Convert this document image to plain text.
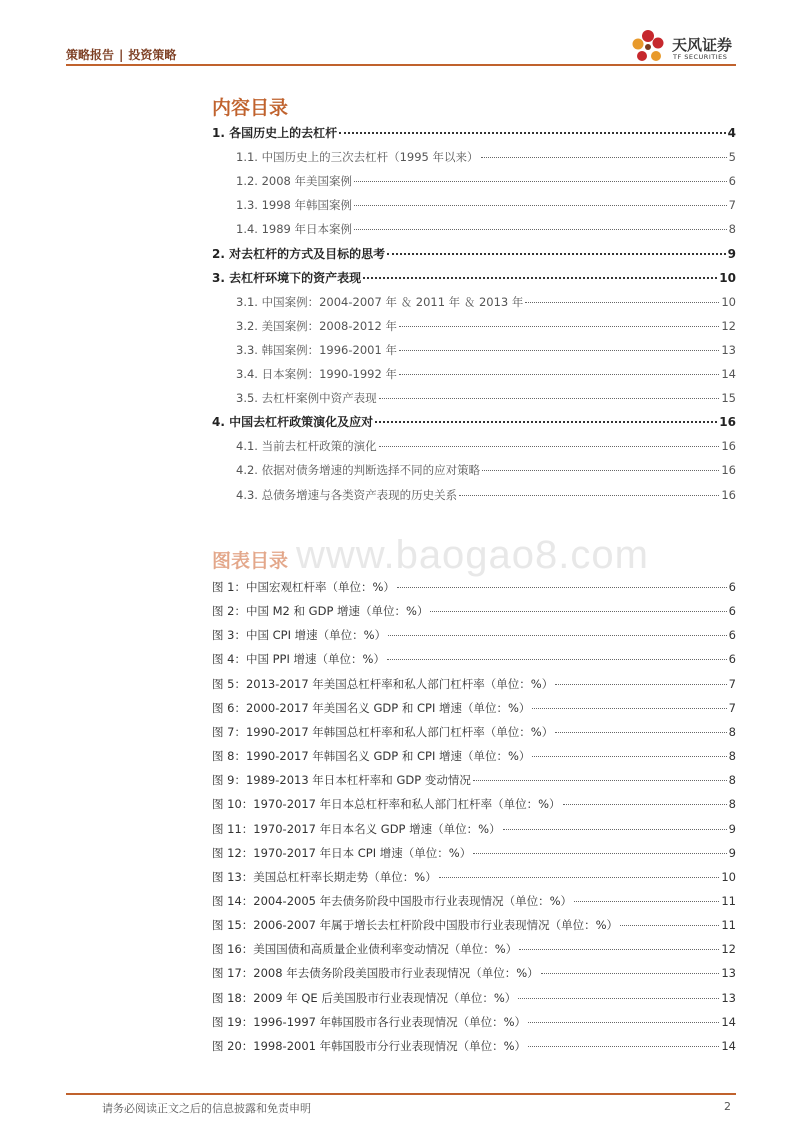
策略报告 | 投资策略
天风证券
TF SECURITIES
内容目录
1. 各国历史上的去杠杆	4
1.1. 中国历史上的三次去杠杆（1995 年以来）	5
1.2. 2008 年美国案例	6
1.3. 1998 年韩国案例	7
1.4. 1989 年日本案例	8
2. 对去杠杆的方式及目标的思考	9
3. 去杠杆环境下的资产表现	10
3.1. 中国案例：2004-2007 年 ＆ 2011 年 ＆ 2013 年	10
3.2. 美国案例：2008-2012 年	12
3.3. 韩国案例：1996-2001 年	13
3.4. 日本案例：1990-1992 年	14
3.5. 去杠杆案例中资产表现	15
4. 中国去杠杆政策演化及应对	16
4.1. 当前去杠杆政策的演化	16
4.2. 依据对债务增速的判断选择不同的应对策略	16
4.3. 总债务增速与各类资产表现的历史关系	16
www.baogao8.com
图表目录
图 1：中国宏观杠杆率（单位：%）	6
图 2：中国 M2 和 GDP 增速（单位：%）	6
图 3：中国 CPI 增速（单位：%）	6
图 4：中国 PPI 增速（单位：%）	6
图 5：2013-2017 年美国总杠杆率和私人部门杠杆率（单位：%）	7
图 6：2000-2017 年美国名义 GDP 和 CPI 增速（单位：%）	7
图 7：1990-2017 年韩国总杠杆率和私人部门杠杆率（单位：%）	8
图 8：1990-2017 年韩国名义 GDP 和 CPI 增速（单位：%）	8
图 9：1989-2013 年日本杠杆率和 GDP 变动情况	8
图 10：1970-2017 年日本总杠杆率和私人部门杠杆率（单位：%）	8
图 11：1970-2017 年日本名义 GDP 增速（单位：%）	9
图 12：1970-2017 年日本 CPI 增速（单位：%）	9
图 13：美国总杠杆率长期走势（单位：%）	10
图 14：2004-2005 年去债务阶段中国股市行业表现情况（单位：%）	11
图 15：2006-2007 年属于增长去杠杆阶段中国股市行业表现情况（单位：%）	11
图 16：美国国债和高质量企业债利率变动情况（单位：%）	12
图 17：2008 年去债务阶段美国股市行业表现情况（单位：%）	13
图 18：2009 年 QE 后美国股市行业表现情况（单位：%）	13
图 19：1996-1997 年韩国股市各行业表现情况（单位：%）	14
图 20：1998-2001 年韩国股市分行业表现情况（单位：%）	14
请务必阅读正文之后的信息披露和免责申明	2
